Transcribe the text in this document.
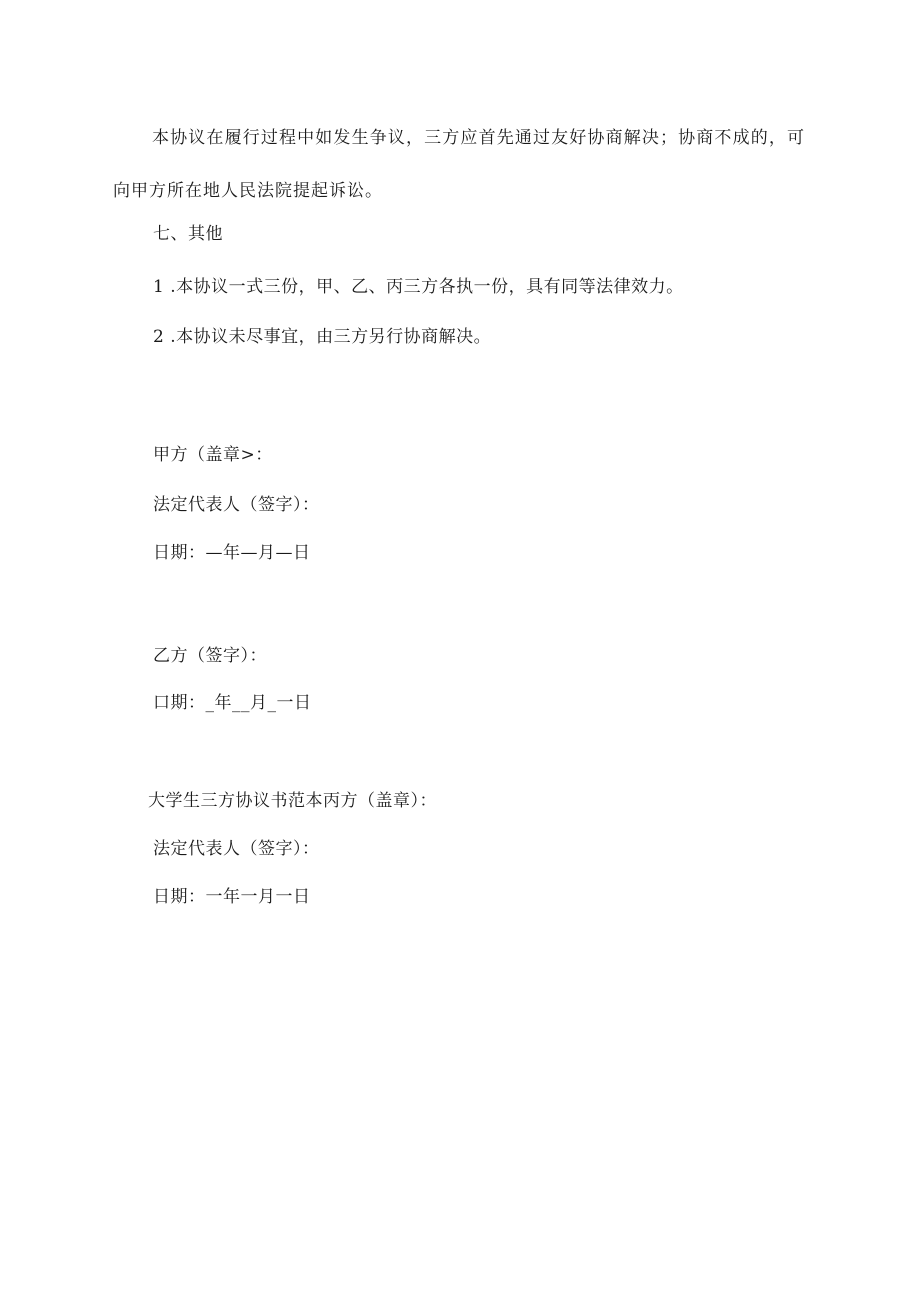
本协议在履行过程中如发生争议，三方应首先通过友好协商解决；协商不成的，可向甲方所在地人民法院提起诉讼。
七、其他
1 .本协议一式三份，甲、乙、丙三方各执一份，具有同等法律效力。
2 .本协议未尽事宜，由三方另行协商解决。
甲方（盖章>：
法定代表人（签字）：
日期：—年—月—日
乙方（签字）：
口期：_年__月_一日
大学生三方协议书范本丙方（盖章）：
法定代表人（签字）：
日期：一年一月一日
